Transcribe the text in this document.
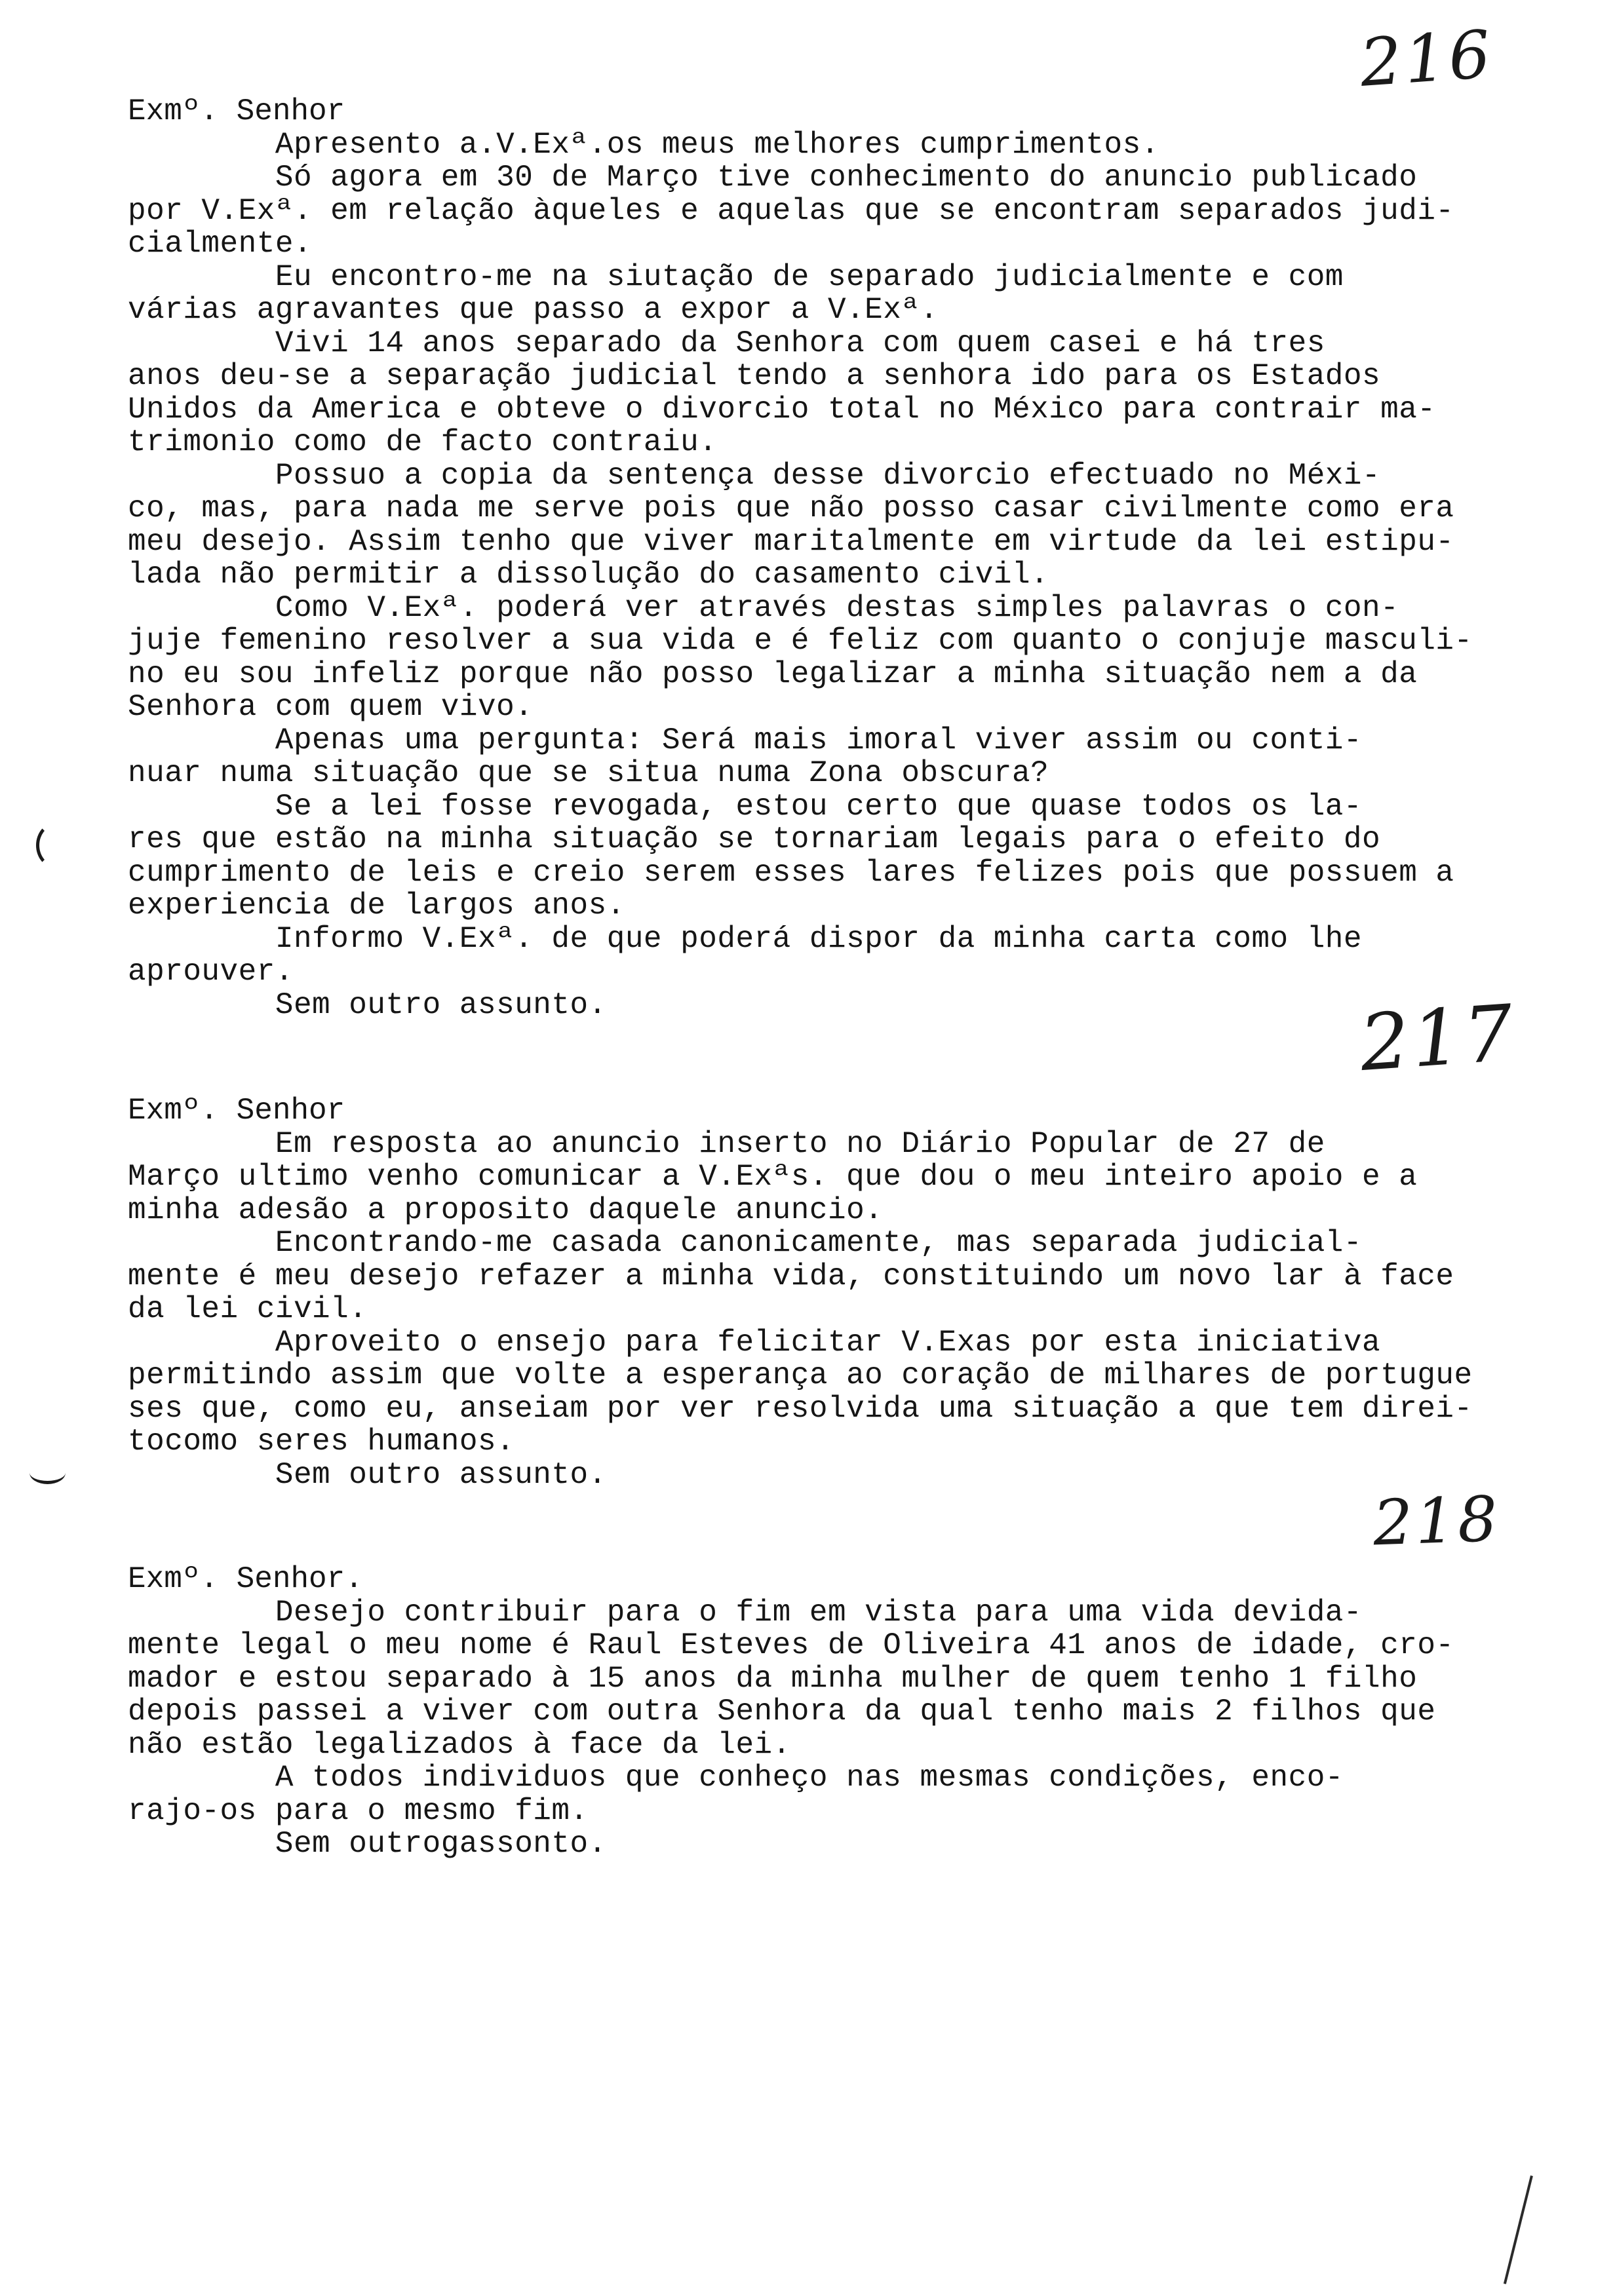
216
217
218
Exmº. Senhor

Apresento a.V.Exª.os meus melhores cumprimentos.

Só agora em 30 de Março tive conhecimento do anuncio publicado

por V.Exª. em relação àqueles e aquelas que se encontram separados judi-

cialmente.

Eu encontro-me na siutação de separado judicialmente e com

várias agravantes que passo a expor a V.Exª.

Vivi 14 anos separado da Senhora com quem casei e há tres

anos deu-se a separação judicial tendo a senhora ido para os Estados

Unidos da America e obteve o divorcio total no México para contrair ma-

trimonio como de facto contraiu.

Possuo a copia da sentença desse divorcio efectuado no Méxi-

co, mas, para nada me serve pois que não posso casar civilmente como era

meu desejo. Assim tenho que viver maritalmente em virtude da lei estipu-

lada não permitir a dissolução do casamento civil.

Como V.Exª. poderá ver através destas simples palavras o con-

juje femenino resolver a sua vida e é feliz com quanto o conjuje masculi-

no eu sou infeliz porque não posso legalizar a minha situação nem a da

Senhora com quem vivo.

Apenas uma pergunta: Será mais imoral viver assim ou conti-

nuar numa situação que se situa numa Zona obscura?

Se a lei fosse revogada, estou certo que quase todos os la-

res que estão na minha situação se tornariam legais para o efeito do

cumprimento de leis e creio serem esses lares felizes pois que possuem a

experiencia de largos anos.

Informo V.Exª. de que poderá dispor da minha carta como lhe

aprouver.

Sem outro assunto.

Exmº. Senhor

Em resposta ao anuncio inserto no Diário Popular de 27 de

Março ultimo venho comunicar a V.Exªs. que dou o meu inteiro apoio e a

minha adesão a proposito daquele anuncio.

Encontrando-me casada canonicamente, mas separada judicial-

mente é meu desejo refazer a minha vida, constituindo um novo lar à face

da lei civil.

Aproveito o ensejo para felicitar V.Exas por esta iniciativa

permitindo assim que volte a esperança ao coração de milhares de portugue

ses que, como eu, anseiam por ver resolvida uma situação a que tem direi-

tocomo seres humanos.

Sem outro assunto.

Exmº. Senhor.

Desejo contribuir para o fim em vista para uma vida devida-

mente legal o meu nome é Raul Esteves de Oliveira 41 anos de idade, cro-

mador e estou separado à 15 anos da minha mulher de quem tenho 1 filho

depois passei a viver com outra Senhora da qual tenho mais 2 filhos que

não estão legalizados à face da lei.

A todos individuos que conheço nas mesmas condições, enco-

rajo-os para o mesmo fim.

Sem outrogassonto.
